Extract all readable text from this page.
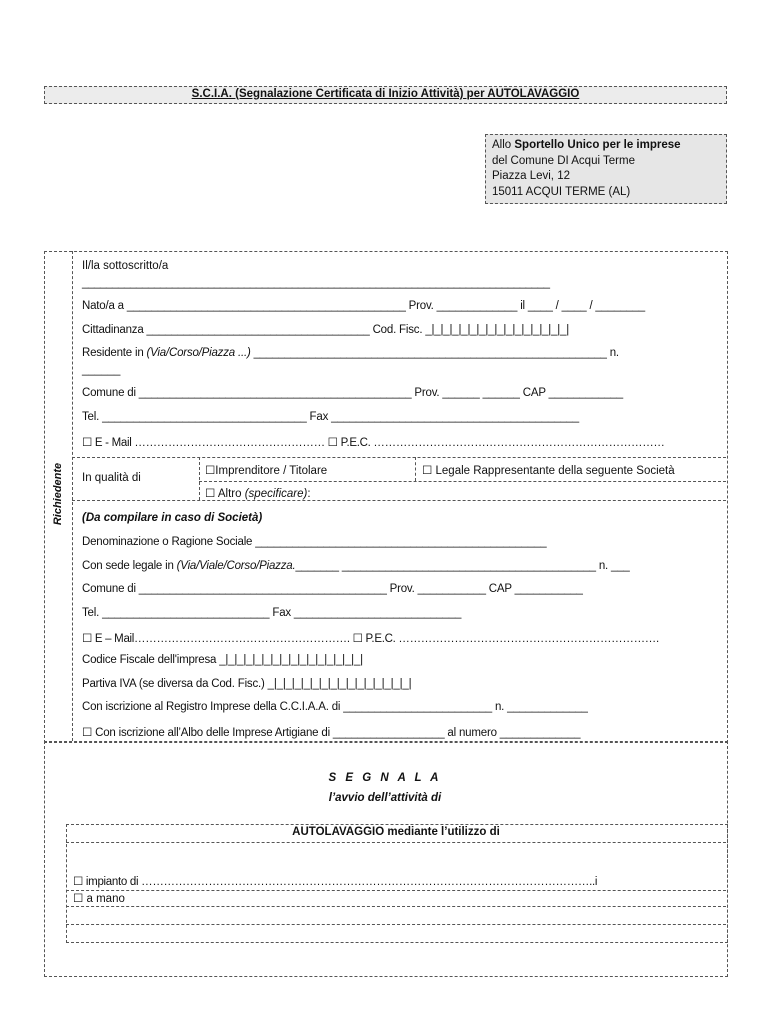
S.C.I.A. (Segnalazione Certificata di Inizio Attività) per AUTOLAVAGGIO
Allo Sportello Unico per le imprese
del Comune DI Acqui Terme
Piazza Levi, 12
15011 ACQUI TERME (AL)
Richiedente
Il/la sottoscritto/a
______________________________________________________________________________
Nato/a a _____________________________________________ Prov. _____________ il ____ / ____ / ________
Cittadinanza ____________________________________ Cod. Fisc. _|_|_|_|_|_|_|_|_|_|_|_|_|_|_|_|
Residente in (Via/Corso/Piazza ...) _________________________________________________________ n.
______
Comune di ____________________________________________ Prov. ______ ______ CAP ____________
Tel. _________________________________ Fax ________________________________________
☐ E - Mail …………………………………………… ☐ P.E.C. ……………………………………………………………………
In qualità di
☐Imprenditore / Titolare	☐ Legale Rappresentante della seguente Società
☐ Altro (specificare):
(Da compilare in caso di Società)
Denominazione o Ragione Sociale _______________________________________________
Con sede legale in (Via/Viale/Corso/Piazza._______ _________________________________________ n. ___
Comune di ________________________________________ Prov. ___________ CAP ___________
Tel. ___________________________ Fax ___________________________
☐ E – Mail…………………………………………………. ☐ P.E.C. …………………………………………………………….
Codice Fiscale dell'impresa _|_|_|_|_|_|_|_|_|_|_|_|_|_|_|_|
Partiva IVA (se diversa da Cod. Fisc.) _|_|_|_|_|_|_|_|_|_|_|_|_|_|_|_|
Con iscrizione al Registro Imprese della C.C.I.A.A. di ________________________ n. _____________
☐ Con iscrizione all’Albo delle Imprese Artigiane di __________________ al numero _____________
S E G N A L A
l’avvio dell’attività di
AUTOLAVAGGIO mediante l’utilizzo di
☐ impianto di …………………………………………………………………………………………………………..i
☐ a mano
